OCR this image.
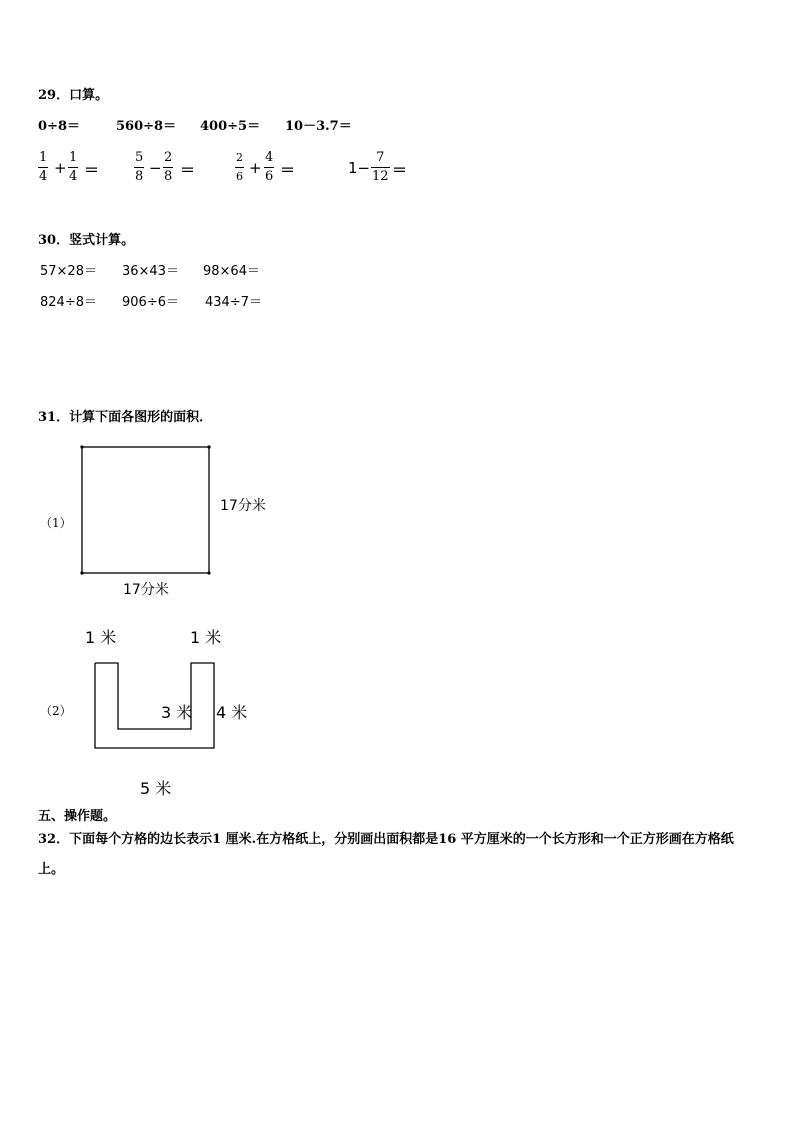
29．口算。
0÷8＝	560÷8＝ 400÷5＝ 10－3.7＝
1
4 +
1
4 ＝
5
8 −
2
8 ＝
2
6 +
4
6 ＝	1−
7
12 ＝
30．竖式计算。
57×28＝ 36×43＝ 98×64＝
824÷8＝ 906÷6＝ 434÷7＝
31．计算下面各图形的面积．
（1）
17分米
17分米
1 米	1 米
（2）	3 米 4 米
5 米
五、操作题。
32．下面每个方格的边长表示1 厘米.在方格纸上，分别画出面积都是16 平方厘米的一个长方形和一个正方形画在方格纸上。
